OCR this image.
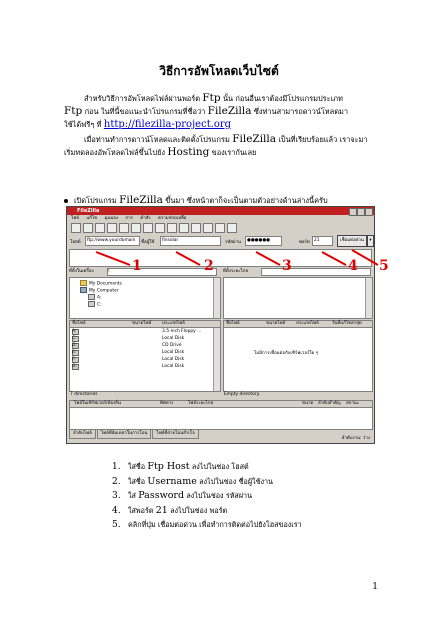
วิธีการอัพโหลดเว็บไซต์
สำหรับวิธีการอัพโหลดไฟล์ผ่านพอร์ต Ftp นั้น ก่อนอื่นเราต้องมีโปรแกรมประเภท
Ftp ก่อน ในที่นี้ขอแนะนำโปรแกรมที่ชื่อว่า FileZilla ซึ่งท่านสามารถดาวน์โหลดมา
ใช้ได้ฟรีๆ ที่ http://filezilla-project.org
เมื่อท่านทำการดาวน์โหลดและติดตั้งโปรแกรม FileZilla เป็นที่เรียบร้อยแล้ว เราจะมา
เริ่มทดลองอัพโหลดไฟล์ขึ้นไปยัง Hosting ของเรากันเลย
เปิดโปรแกรม FileZilla ขึ้นมา ซึ่งหน้าตาก็จะเป็นตามตัวอย่างด้านล่างนี้ครับ
FileZilla
ไฟล์ แก้ไข มุมมอง การ คำสั่ง ความช่วยเหลือ
โฮสต์	ftp://www.yourdomain	ชื่อผู้ใช้	finsolar	รหัสผ่าน	●●●●●●	พอร์ต 21	เชื่อมต่อด่วน	▾
ที่ตั้งในเครื่อง	\	ที่ตั้งระยะไกล
My Documents
My Computer
A:
C:
ชื่อไฟล์	ขนาดไฟล์ ประเภทไฟล์
A:	3.5-inch Floppy ...
C:	Local Disk
D:	CD Drive
E:	Local Disk
F:	Local Disk
G:	Local Disk
7 directories
ชื่อไฟล์	ขนาดไฟล์ ประเภทไฟล์	วันที่แก้ไขล่าสุด
ไม่มีการเชื่อมต่อกับเซิร์ฟเวอร์ใด ๆ
Empty directory.
ไฟล์ในเซิร์ฟเวอร์/ท้องถิ่น	ทิศทาง	ไฟล์ระยะไกล	ขนาด ลำดับสำคัญ สถานะ
ลำดับไฟล์ ไฟล์ที่ล้มเหลวในการโอน ไฟล์ที่ถ่ายโอนสำเร็จ
ลำดับงาน: ว่าง
1	2	3	4 5
1. ใส่ชื่อ Ftp Host ลงไปในช่อง โฮสต์
2. ใส่ชื่อ Username ลงไปในช่อง ชื่อผู้ใช้งาน
3. ใส่ Password ลงไปในช่อง รหัสผ่าน
4. ใส่พอร์ต 21 ลงไปในช่อง พอร์ต
5. คลิกที่ปุ่ม เชื่อมต่อด่วน เพื่อทำการติดต่อไปยังโฮสของเรา
1
